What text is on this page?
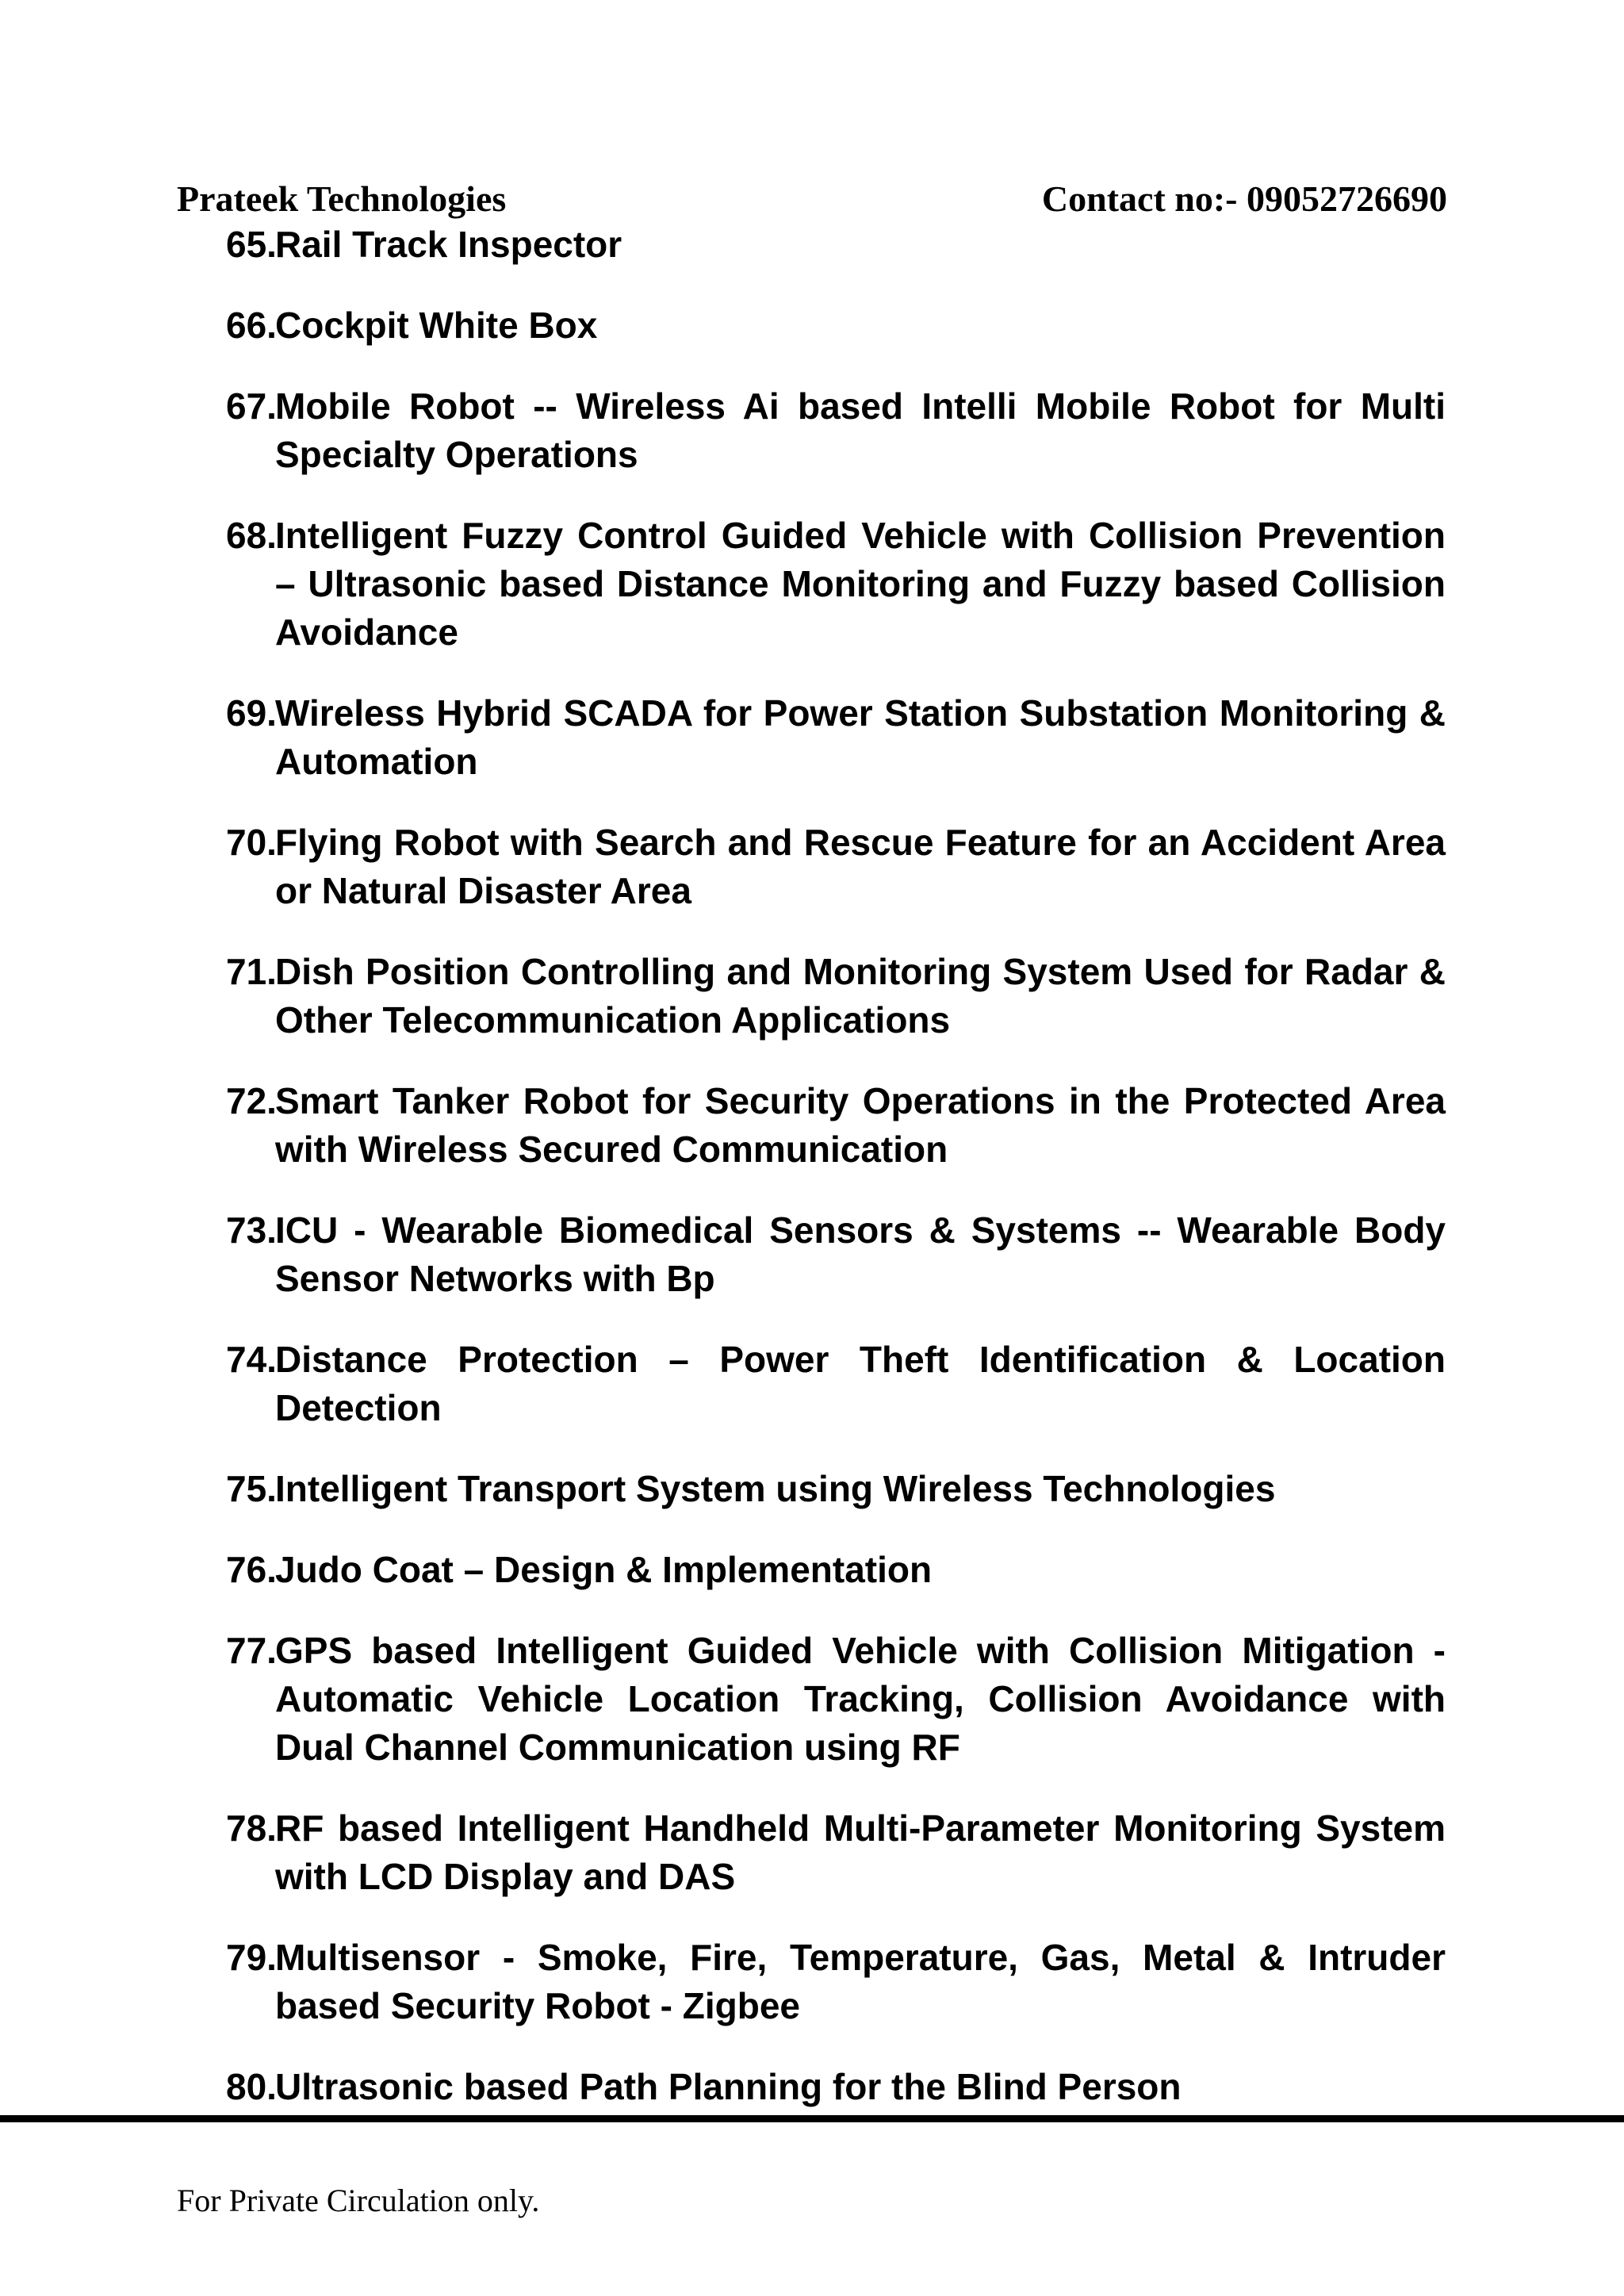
Prateek Technologies	Contact no:- 09052726690
65.
Rail Track Inspector
66.
Cockpit White Box
67.
Mobile Robot -- Wireless Ai based Intelli Mobile Robot for Multi Specialty Operations
68.
Intelligent Fuzzy Control Guided Vehicle with Collision Prevention – Ultrasonic based Distance Monitoring and Fuzzy based Collision Avoidance
69.
Wireless Hybrid SCADA for Power Station Substation Monitoring & Automation
70.
Flying Robot with Search and Rescue Feature for an Accident Area or Natural Disaster Area
71.
Dish Position Controlling and Monitoring System Used for Radar & Other Telecommunication Applications
72.
Smart Tanker Robot for Security Operations in the Protected Area with Wireless Secured Communication
73.
ICU - Wearable Biomedical Sensors & Systems -- Wearable Body Sensor Networks with Bp
74.
Distance Protection – Power Theft Identification & Location Detection
75.
Intelligent Transport System using Wireless Technologies
76.
Judo Coat – Design & Implementation
77.
GPS based Intelligent Guided Vehicle with Collision Mitigation - Automatic Vehicle Location Tracking, Collision Avoidance with Dual Channel Communication using RF
78.
RF based Intelligent Handheld Multi-Parameter Monitoring System with LCD Display and DAS
79.
Multisensor - Smoke, Fire, Temperature, Gas, Metal & Intruder based Security Robot - Zigbee
80.
Ultrasonic based Path Planning for the Blind Person
For Private Circulation only.
